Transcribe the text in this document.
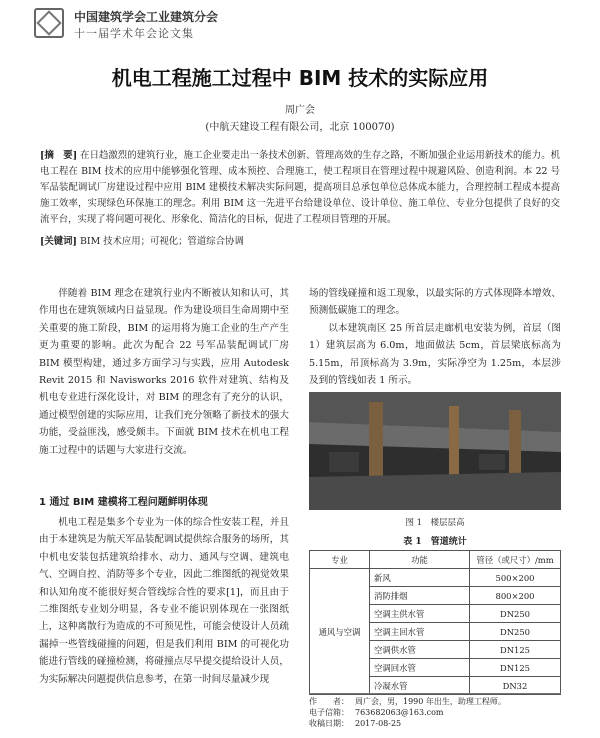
中国建筑学会工业建筑分会
十一届学术年会论文集
机电工程施工过程中 BIM 技术的实际应用
周广会
(中航天建设工程有限公司，北京 100070)
[摘　要] 在日趋激烈的建筑行业，施工企业要走出一条技术创新、管理高效的生存之路，不断加强企业运用新技术的能力。机电工程在 BIM 技术的应用中能够强化管理、成本预控、合理施工，使工程项目在管理过程中规避风险、创造利润。本 22 号军品装配调试厂房建设过程中应用 BIM 建模技术解决实际问题，提高项目总承包单位总体成本能力，合理控制工程成本提高施工效率，实现绿色环保施工的理念。利用 BIM 这一先进平台给建设单位、设计单位、施工单位、专业分包提供了良好的交流平台，实现了将问题可视化、形象化、简洁化的目标，促进了工程项目管理的开展。
[关键词] BIM 技术应用；可视化；管道综合协调

伴随着 BIM 理念在建筑行业内不断被认知和认可，其作用也在建筑领域内日益显现。作为建设项目生命周期中至关重要的施工阶段，BIM 的运用将为施工企业的生产产生更为重要的影响。此次为配合 22 号军品装配调试厂房 BIM 模型构建，通过多方面学习与实践，应用 Autodesk Revit 2015 和 Navisworks 2016 软件对建筑、结构及机电专业进行深化设计，对 BIM 的理念有了充分的认识，通过模型创建的实际应用，让我们充分领略了新技术的强大功能，受益匪浅，感受颇丰。下面就 BIM 技术在机电工程施工过程中的话题与大家进行交流。

1 通过 BIM 建模将工程问题鲜明体现

机电工程是集多个专业为一体的综合性安装工程，并且由于本建筑是为航天军品装配调试提供综合服务的场所，其中机电安装包括建筑给排水、动力、通风与空调、建筑电气、空调自控、消防等多个专业，因此二维图纸的视觉效果和认知角度不能很好契合管线综合性的要求[1]，而且由于二维图纸专业划分明显，各专业不能识别体现在一张图纸上，这种离散行为造成的不可预见性，可能会使设计人员疏漏掉一些管线碰撞的问题，但是我们利用 BIM 的可视化功能进行管线的碰撞检测，将碰撞点尽早提交提给设计人员，为实际解决问题提供信息参考，在第一时间尽量减少现

场的管线碰撞和返工现象，以最实际的方式体现降本增效、预测低碳施工的理念。

以本建筑南区 25 所首层走廊机电安装为例，首层（图 1）建筑层高为 6.0m，地面做法 5cm，首层梁底标高为 5.15m，吊顶标高为 3.9m，实际净空为 1.25m，本层涉及到的管线如表 1 所示。

图 1　楼层层高
表 1　管道统计
专业	功能	管径（或尺寸）/mm
通风与空调	新风	500×200
	消防排烟	800×200
	空调主供水管	DN250
	空调主回水管	DN250
	空调供水管	DN125
	空调回水管	DN125
	冷凝水管	DN32
作　　者： 周广会，男，1990 年出生，助理工程师。
电子信箱： 763682063@163.com
收稿日期： 2017-08-25
